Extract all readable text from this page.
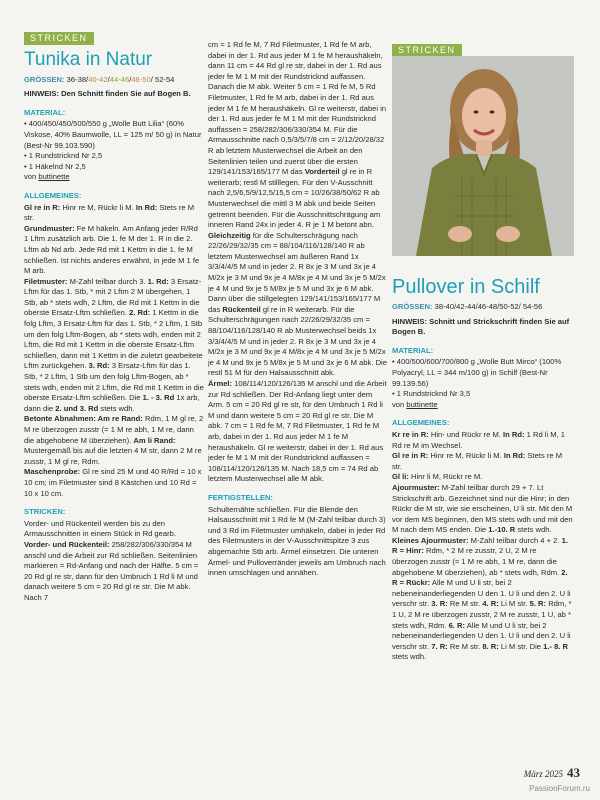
STRICKEN
Tunika in Natur
GRÖSSEN: 36-38/40-42/44-46/48-50/ 52-54

HINWEIS: Den Schnitt finden Sie auf Bogen B.

MATERIAL:

• 400/450/450/500/550 g „Wolle Butt Lilia“ (60% Viskose, 40% Baumwolle, LL = 125 m/ 50 g) in Natur (Best-Nr 99.103.590)

• 1 Rundstricknd Nr 2,5

• 1 Häkelnd Nr 2,5

von buttinette

ALLGEMEINES:

Gl re in R: Hinr re M, Rückr li M. In Rd: Stets re M str.

Grundmuster: Fe M häkeln. Am Anfang jeder R/Rd 1 Lftm zusätzlich arb. Die 1. fe M der 1. R in die 2. Lftm ab Nd arb. Jede Rd mit 1 Kettm in die 1. fe M schließen. Ist nichts anderes erwähnt, in jede M 1 fe M arb.

Filetmuster: M-Zahl teilbar durch 3. 1. Rd: 3 Ersatz-Lftm für das 1. Stb, * mit 2 Lftm 2 M übergehen, 1 Stb, ab * stets wdh, 2 Lftm, die Rd mit 1 Kettm in die oberste Ersatz-Lftm schließen. 2. Rd: 1 Kettm in die folg Lftm, 3 Ersatz-Lftm für das 1. Stb, * 2 Lftm, 1 Stb um den folg Lftm-Bogen, ab * stets wdh, enden mit 2 Lftm, die Rd mit 1 Kettm in die oberste Ersatz-Lftm schließen, dann mit 1 Kettm in die zuletzt gearbeitete Lftm zurückgehen. 3. Rd: 3 Ersatz-Lftm für das 1. Stb, * 2 Lftm, 1 Stb um den folg Lftm-Bogen, ab * stets wdh, enden mit 2 Lftm, die Rd mit 1 Kettm in die oberste Ersatz-Lftm schließen. Die 1. - 3. Rd 1x arb, dann die 2. und 3. Rd stets wdh.

Betonte Abnahmen: Am re Rand: Rdm, 1 M gl re, 2 M re überzogen zusstr (= 1 M re abh, 1 M re, dann die abgehobene M überziehen). Am li Rand: Mustergemäß bis auf die letzten 4 M str, dann 2 M re zusstr, 1 M gl re, Rdm.

Maschenprobe: Gl re sind 25 M und 40 R/Rd = 10 x 10 cm; im Filetmuster sind 8 Kästchen und 10 Rd = 10 x 10 cm.

STRICKEN:

Vorder- und Rückenteil werden bis zu den Armausschnitten in einem Stück in Rd gearb.

Vorder- und Rückenteil: 258/282/306/330/354 M anschl und die Arbeit zur Rd schließen. Seitenlinien markieren = Rd-Anfang und nach der Hälfte. 5 cm = 20 Rd gl re str, dann für den Umbruch 1 Rd li M und danach weitere 5 cm = 20 Rd gl re str. Die M abk. Nach 7

cm = 1 Rd fe M, 7 Rd Filetmuster, 1 Rd fe M arb, dabei in der 1. Rd aus jeder M 1 fe M heraushäkeln, dann 11 cm = 44 Rd gl re str, dabei in der 1. Rd aus jeder fe M 1 M mit der Rundstricknd auffassen. Danach die M abk. Weiter 5 cm = 1 Rd fe M, 5 Rd Filetmuster, 1 Rd fe M arb, dabei in der 1. Rd aus jeder M 1 fe M heraushäkeln. Gl re weiterstr, dabei in der 1. Rd aus jeder fe M 1 M mit der Rundstricknd auffassen = 258/282/306/330/354 M. Für die Armausschnitte nach 0,5/3/5/7/8 cm = 2/12/20/28/32 R ab letztem Musterwechsel die Arbeit an den Seitenlinien teilen und zuerst über die ersten 129/141/153/165/177 M das Vorderteil gl re in R weiterarb; restl M stilllegen. Für den V-Ausschnitt nach 2,5/6,5/9/12,5/15,5 cm = 10/26/38/50/62 R ab Musterwechsel die mittl 3 M abk und beide Seiten getrennt beenden. Für die Ausschnittschrägung am inneren Rand 24x in jeder 4. R je 1 M betont abn. Gleichzeitig für die Schulterschrägung nach 22/26/29/32/35 cm = 88/104/116/128/140 R ab letztem Musterwechsel am äußeren Rand 1x 3/3/4/4/5 M und in jeder 2. R 8x je 3 M und 3x je 4 M/2x je 3 M und 9x je 4 M/8x je 4 M und 3x je 5 M/2x je 4 M und 9x je 5 M/8x je 5 M und 3x je 6 M abk. Dann über die stillgelegten 129/141/153/165/177 M das Rückenteil gl re in R weiterarb. Für die Schulterschrägungen nach 22/26/29/32/35 cm = 88/104/116/128/140 R ab Musterwechsel beids 1x 3/3/4/4/5 M und in jeder 2. R 8x je 3 M und 3x je 4 M/2x je 3 M und 9x je 4 M/8x je 4 M und 3x je 5 M/2x je 4 M und 9x je 5 M/8x je 5 M und 3x je 6 M abk. Die restl 51 M für den Halsausschnitt abk.

Ärmel: 108/114/120/126/135 M anschl und die Arbeit zur Rd schließen. Der Rd-Anfang liegt unter dem Arm. 5 cm = 20 Rd gl re str, für den Umbruch 1 Rd li M und dann weitere 5 cm = 20 Rd gl re str. Die M abk. 7 cm = 1 Rd fe M, 7 Rd Filetmuster, 1 Rd fe M arb, dabei in der 1. Rd aus jeder M 1 fe M heraushäkeln. Gl re weiterstr, dabei in der 1. Rd aus jeder fe M 1 M mit der Rundstricknd auffassen = 108/114/120/126/135 M. Nach 18,5 cm = 74 Rd ab letztem Musterwechsel alle M abk.

FERTIGSTELLEN:

Schulternähte schließen. Für die Blende den Halsausschnitt mit 1 Rd fe M (M-Zahl teilbar durch 3) und 3 Rd im Filetmuster umhäkeln, dabei in jeder Rd des Filetmusters in der V-Ausschnittspitze 3 zus abgemachte Stb arb. Ärmel einsetzen. Die unteren Ärmel- und Pulloverränder jeweils am Umbruch nach innen umschlagen und annähen.

STRICKEN
Pullover in Schilf
GRÖSSEN: 38-40/42-44/46-48/50-52/ 54-56

HINWEIS: Schnitt und Strickschrift finden Sie auf Bogen B.

MATERIAL:

• 400/500/600/700/800 g „Wolle Butt Mirco“ (100% Polyacryl, LL = 344 m/100 g) in Schilf (Best-Nr 99.139.56)

• 1 Rundstricknd Nr 3,5

von buttinette

ALLGEMEINES:

Kr re in R: Hin- und Rückr re M. In Rd: 1 Rd li M, 1 Rd re M im Wechsel.

Gl re in R: Hinr re M, Rückr li M. In Rd: Stets re M str.

Gl li: Hinr li M, Rückr re M.

Ajourmuster: M-Zahl teilbar durch 29 + 7. Lt Strickschrift arb. Gezeichnet sind nur die Hinr; in den Rückr die M str, wie sie erscheinen, U li str. Mit den M vor dem MS beginnen, den MS stets wdh und mit den M nach dem MS enden. Die 1.-10. R stets wdh.

Kleines Ajourmuster: M-Zahl teilbar durch 4 + 2. 1. R = Hinr: Rdm, * 2 M re zusstr, 2 U, 2 M re überzogen zusstr (= 1 M re abh, 1 M re, dann die abgehobene M überziehen), ab * stets wdh, Rdm. 2. R = Rückr: Alle M und U li str, bei 2 nebeneinanderliegenden U den 1. U li und den 2. U li verschr str. 3. R: Re M str. 4. R: Li M str. 5. R: Rdm, * 1 U, 2 M re überzogen zusstr, 2 M re zusstr, 1 U, ab * stets wdh, Rdm. 6. R: Alle M und U li str, bei 2 nebeneinanderliegenden U den 1. U li und den 2. U li verschr str. 7. R: Re M str. 8. R: Li M str. Die 1.- 8. R stets wdh.

März 2025 43
PassionForum.ru
